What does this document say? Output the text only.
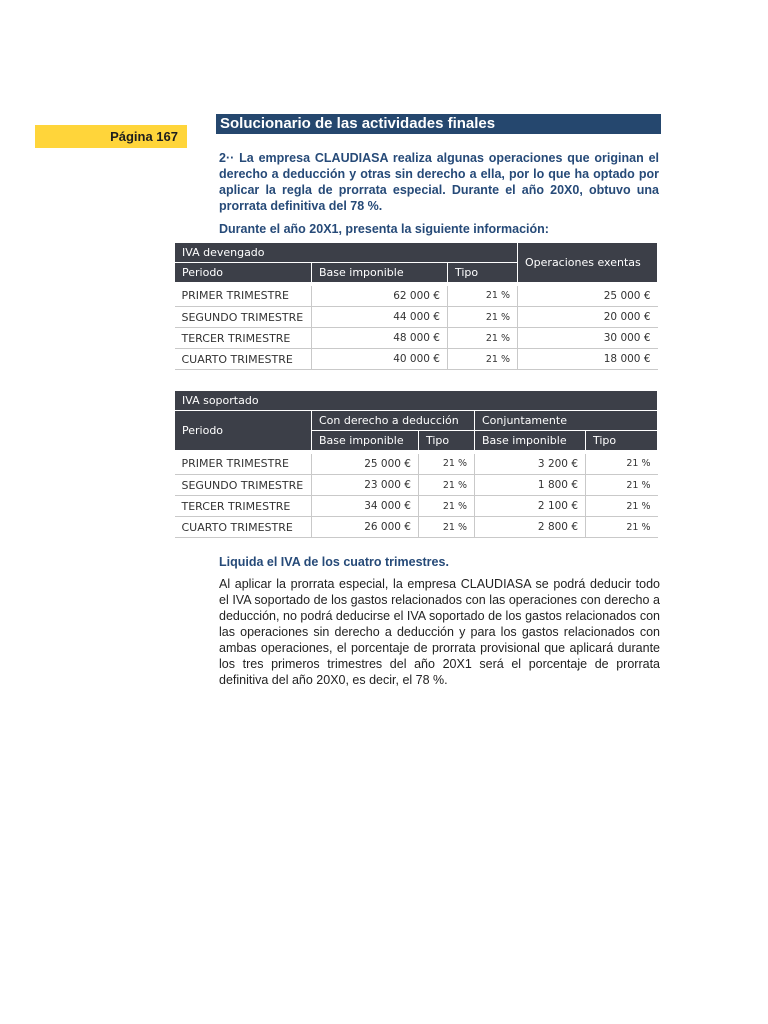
Página 167
Solucionario de las actividades finales

2·· La empresa CLAUDIASA realiza algunas operaciones que originan el derecho a deducción y otras sin derecho a ella, por lo que ha optado por aplicar la regla de prorrata especial. Durante el año 20X0, obtuvo una prorrata definitiva del 78 %.

Durante el año 20X1, presenta la siguiente información:

IVA devengado			Operaciones exentas
Periodo	Base imponible	Tipo	

PRIMER TRIMESTRE	62 000 €	21 %	25 000 €
SEGUNDO TRIMESTRE	44 000 €	21 %	20 000 €
TERCER TRIMESTRE	48 000 €	21 %	30 000 €
CUARTO TRIMESTRE	40 000 €	21 %	18 000 €
IVA soportado				
Periodo	Con derecho a deducción		Conjuntamente	
	Base imponible	Tipo	Base imponible	Tipo

PRIMER TRIMESTRE	25 000 €	21 %	3 200 €	21 %
SEGUNDO TRIMESTRE	23 000 €	21 %	1 800 €	21 %
TERCER TRIMESTRE	34 000 €	21 %	2 100 €	21 %
CUARTO TRIMESTRE	26 000 €	21 %	2 800 €	21 %

Liquida el IVA de los cuatro trimestres.

Al aplicar la prorrata especial, la empresa CLAUDIASA se podrá deducir todo el IVA soportado de los gastos relacionados con las operaciones con derecho a deducción, no podrá deducirse el IVA soportado de los gastos relacionados con las operaciones sin derecho a deducción y para los gastos relacionados con ambas operaciones, el porcentaje de prorrata provisional que aplicará durante los tres primeros trimestres del año 20X1 será el porcentaje de prorrata definitiva del año 20X0, es decir, el 78 %.
